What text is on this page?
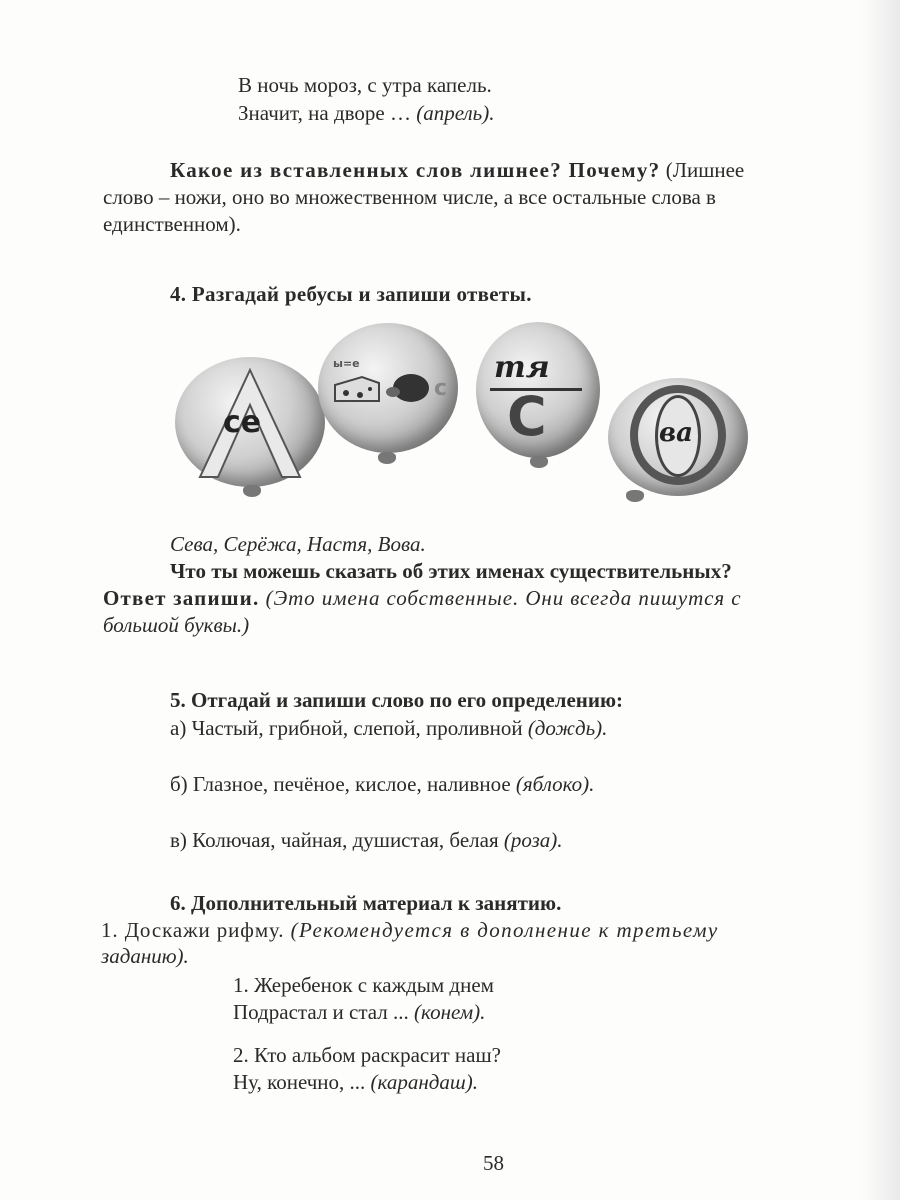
В ночь мороз, с утра капель.
Значит, на дворе … (апрель).
Какое из вставленных слов лишнее? Почему? (Лишнее
слово – ножи, оно во множественном числе, а все остальные слова в
единственном).
4. Разгадай ребусы и запиши ответы.
се
ы=е
с
тя
С	ва
Сева, Серёжа, Настя, Вова.
Что ты можешь сказать об этих именах существительных?
Ответ запиши. (Это имена собственные. Они всегда пишутся с
большой буквы.)
5. Отгадай и запиши слово по его определению:
а) Частый, грибной, слепой, проливной (дождь).
б) Глазное, печёное, кислое, наливное (яблоко).
в) Колючая, чайная, душистая, белая (роза).
6. Дополнительный материал к занятию.
1. Доскажи рифму. (Рекомендуется в дополнение к третьему
заданию).
1. Жеребенок с каждым днем
Подрастал и стал ... (конем).
2. Кто альбом раскрасит наш?
Ну, конечно, ... (карандаш).
58
